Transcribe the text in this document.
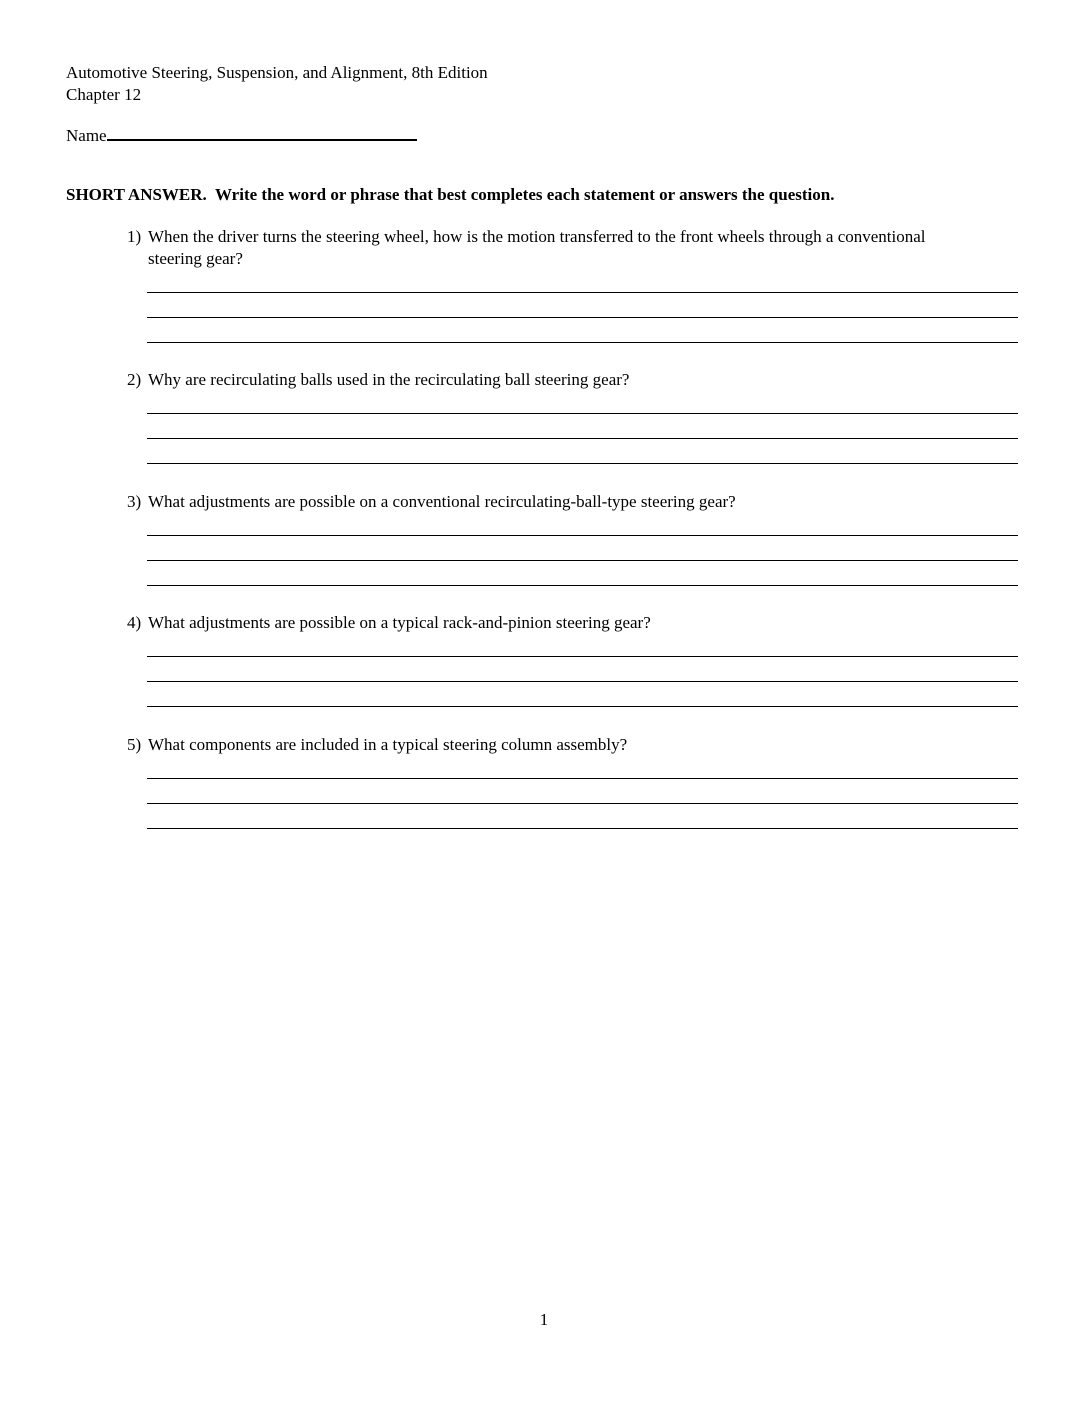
Automotive Steering, Suspension, and Alignment, 8th Edition
Chapter 12
Name
SHORT ANSWER.  Write the word or phrase that best completes each statement or answers the question.
1) When the driver turns the steering wheel, how is the motion transferred to the front wheels through a conventional steering gear?
2) Why are recirculating balls used in the recirculating ball steering gear?
3) What adjustments are possible on a conventional recirculating-ball-type steering gear?
4) What adjustments are possible on a typical rack-and-pinion steering gear?
5) What components are included in a typical steering column assembly?
1
